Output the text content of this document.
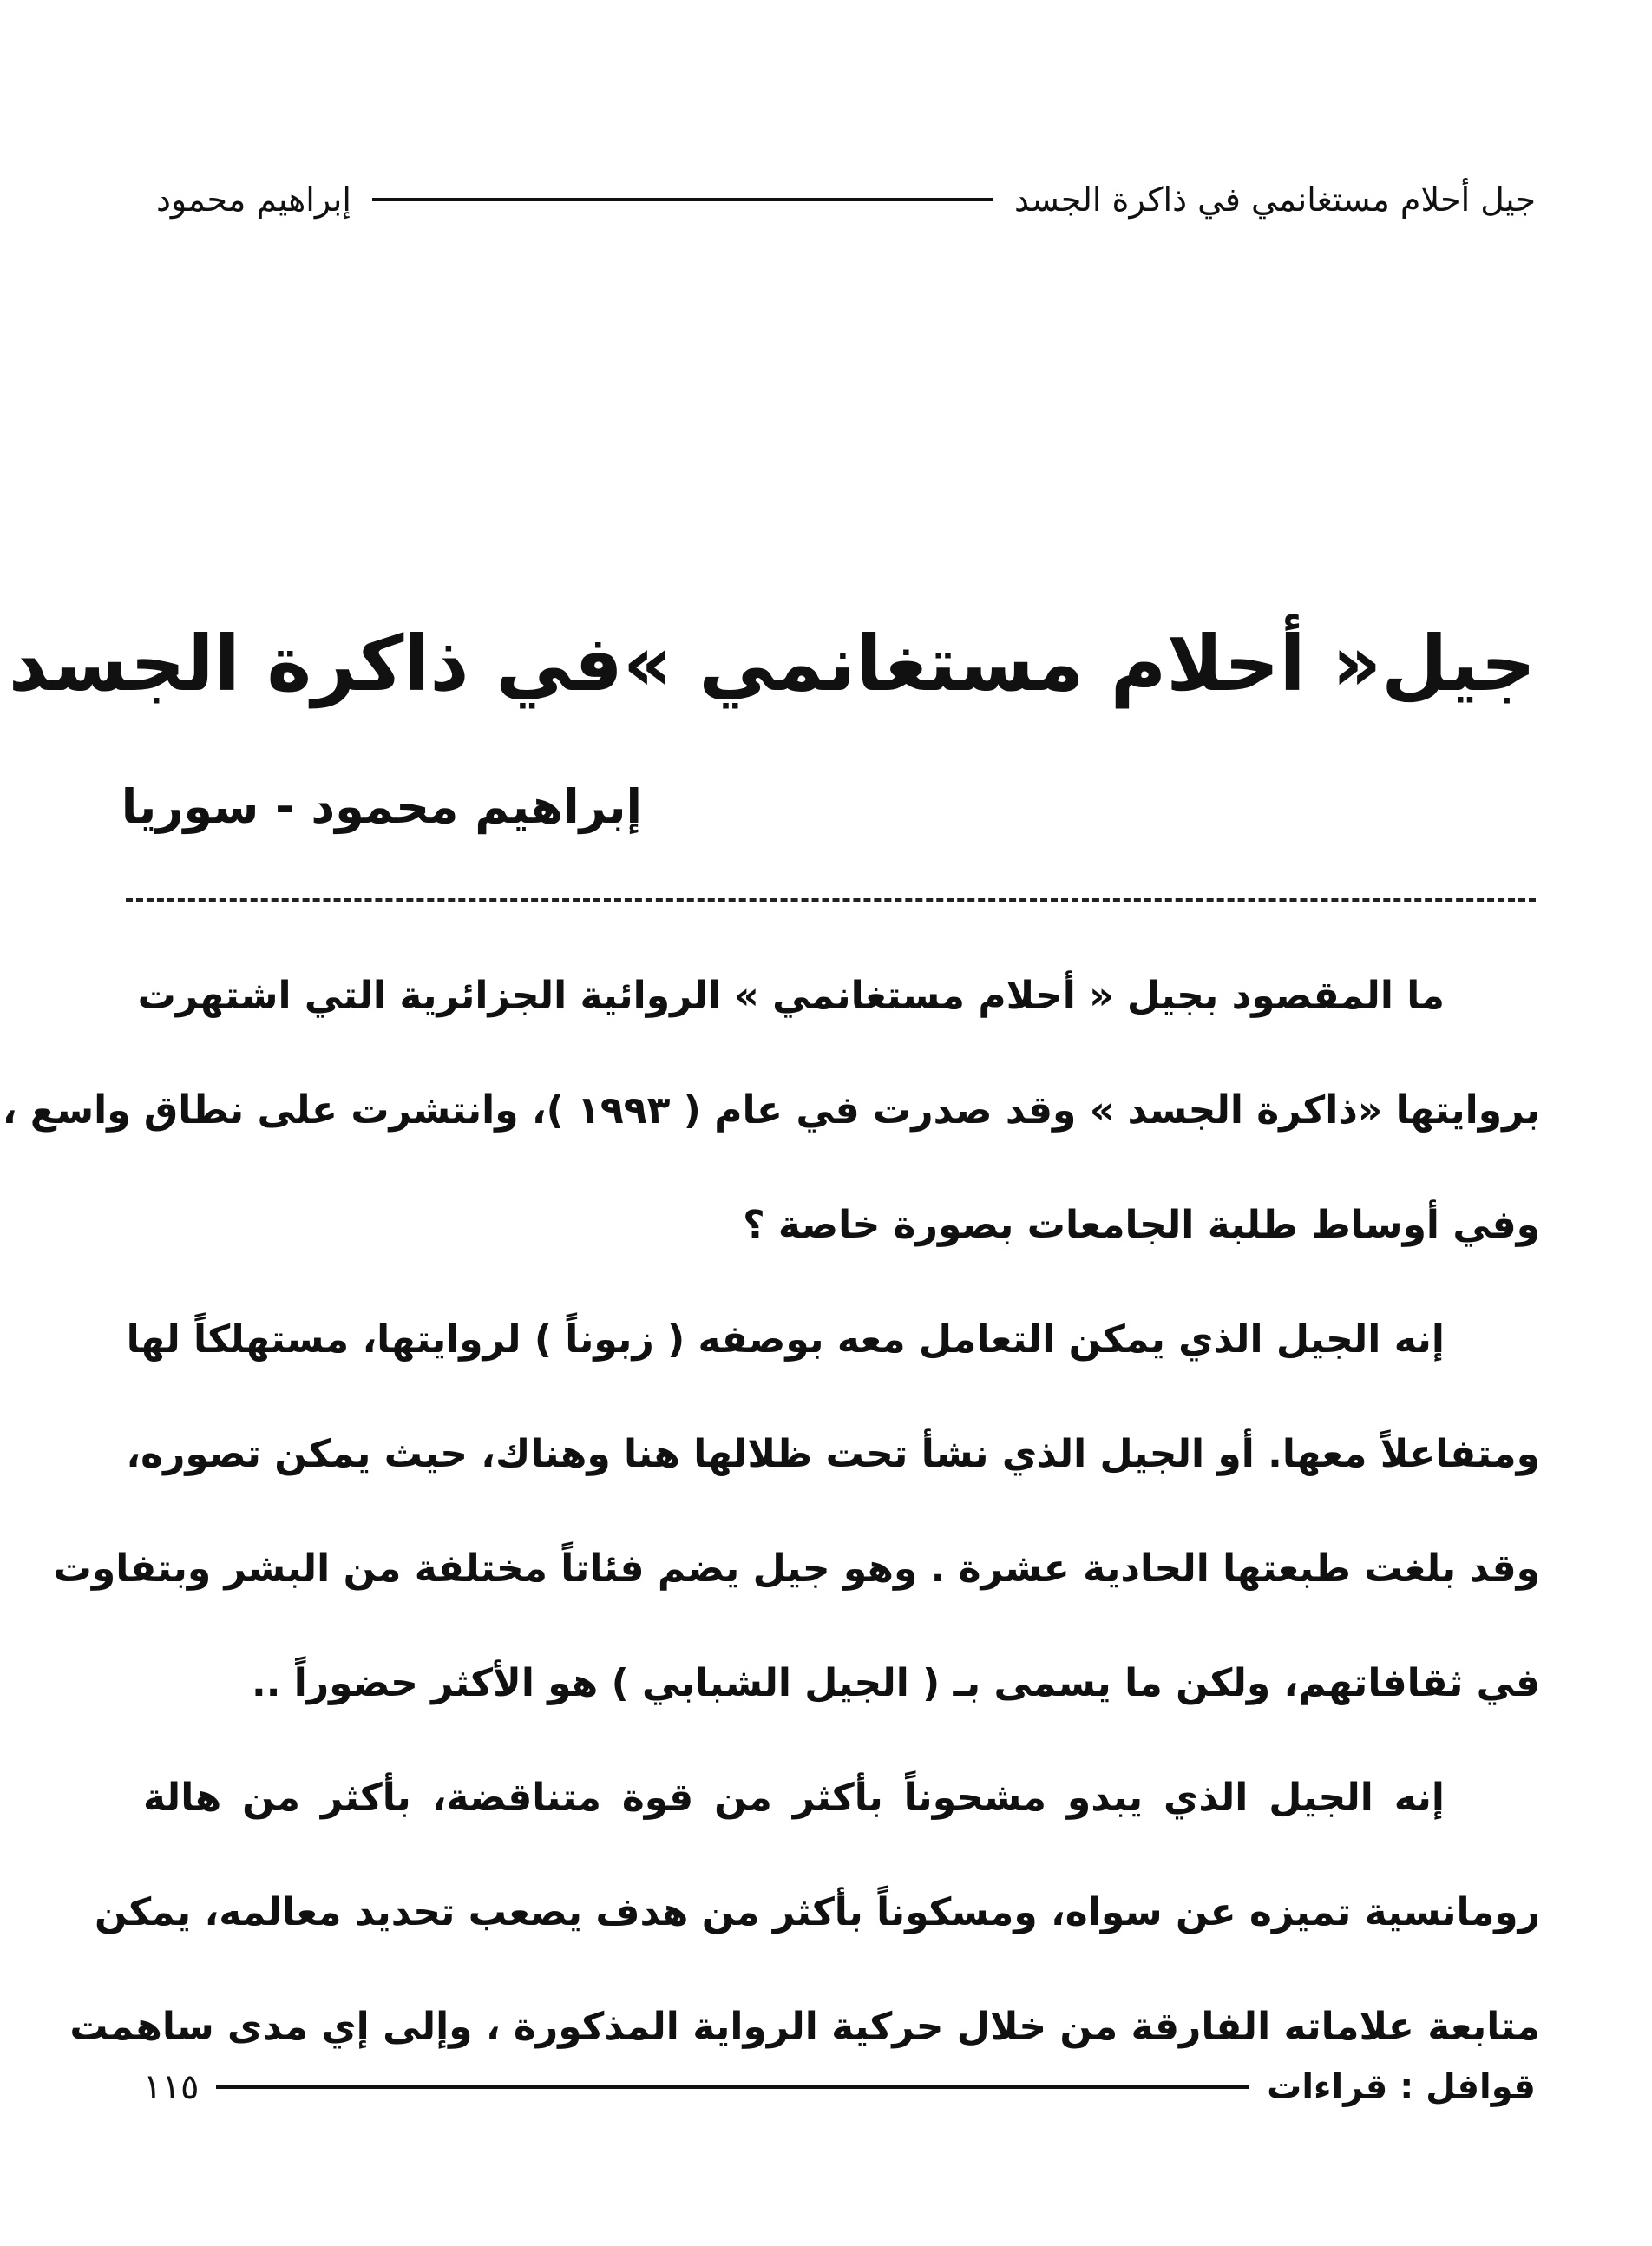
جيل أحلام مستغانمي في ذاكرة الجسد
إبراهيم محمود
جيل« أحلام مستغانمي »في ذاكرة الجسد
إبراهيم محمود - سوريا
ما المقصود بجيل « أحلام مستغانمي » الروائية الجزائرية التي اشتهرت
بروايتها «ذاكرة الجسد » وقد صدرت في عام ( ١٩٩٣ )، وانتشرت على نطاق واسع ،
وفي أوساط طلبة الجامعات بصورة خاصة ؟
إنه الجيل الذي يمكن التعامل معه بوصفه ( زبوناً ) لروايتها، مستهلكاً لها
ومتفاعلاً معها. أو الجيل الذي نشأ تحت ظلالها هنا وهناك، حيث يمكن تصوره،
وقد بلغت طبعتها الحادية عشرة . وهو جيل يضم فئاتاً مختلفة من البشر وبتفاوت
في ثقافاتهم، ولكن ما يسمى بـ ( الجيل الشبابي ) هو الأكثر حضوراً ..
إنه الجيل الذي يبدو مشحوناً بأكثر من قوة متناقضة، بأكثر من هالة
رومانسية تميزه عن سواه، ومسكوناً بأكثر من هدف يصعب تحديد معالمه، يمكن
متابعة علاماته الفارقة من خلال حركية الرواية المذكورة ، وإلى إي مدى ساهمت
قوافل : قراءات
١١٥
